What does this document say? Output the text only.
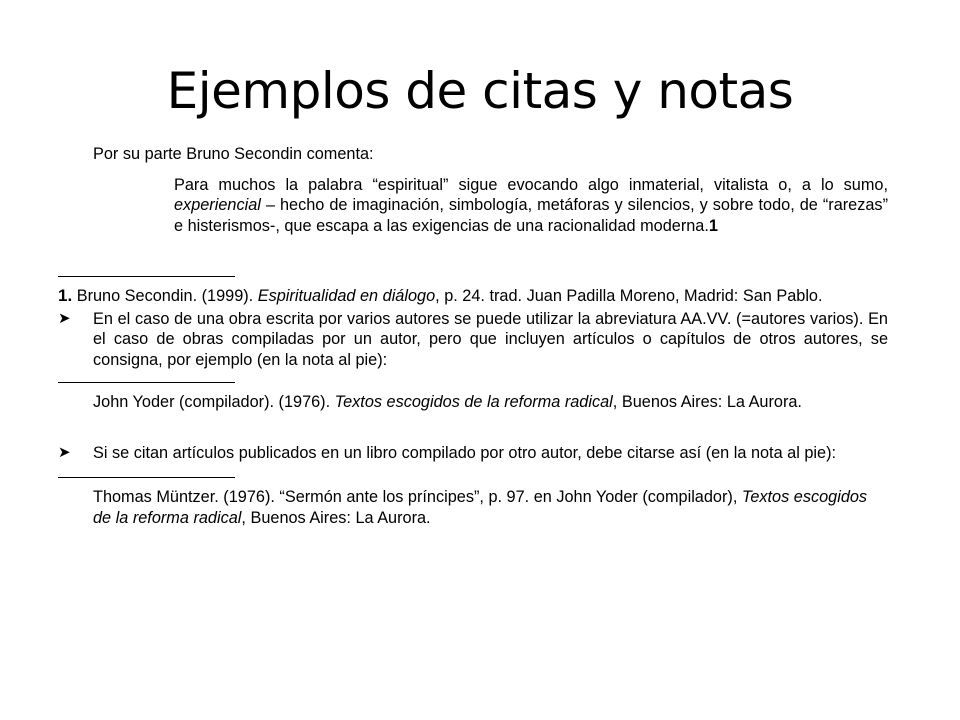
Ejemplos de citas y notas

Por su parte Bruno Secondin comenta:

Para muchos la palabra “espiritual” sigue evocando algo inmaterial, vitalista o, a lo sumo, experiencial – hecho de imaginación, simbología, metáforas y silencios, y sobre todo, de “rarezas” e histerismos-, que escapa a las exigencias de una racionalidad moderna.1

1. Bruno Secondin. (1999). Espiritualidad en diálogo, p. 24. trad. Juan Padilla Moreno, Madrid: San Pablo.

➤ En el caso de una obra escrita por varios autores se puede utilizar la abreviatura AA.VV. (=autores varios). En el caso de obras compiladas por un autor, pero que incluyen artículos o capítulos de otros autores, se consigna, por ejemplo (en la nota al pie):

John Yoder (compilador). (1976). Textos escogidos de la reforma radical, Buenos Aires: La Aurora.

➤ Si se citan artículos publicados en un libro compilado por otro autor, debe citarse así (en la nota al pie):

Thomas Müntzer. (1976). “Sermón ante los príncipes”, p. 97. en John Yoder (compilador), Textos escogidos de la reforma radical, Buenos Aires: La Aurora.
